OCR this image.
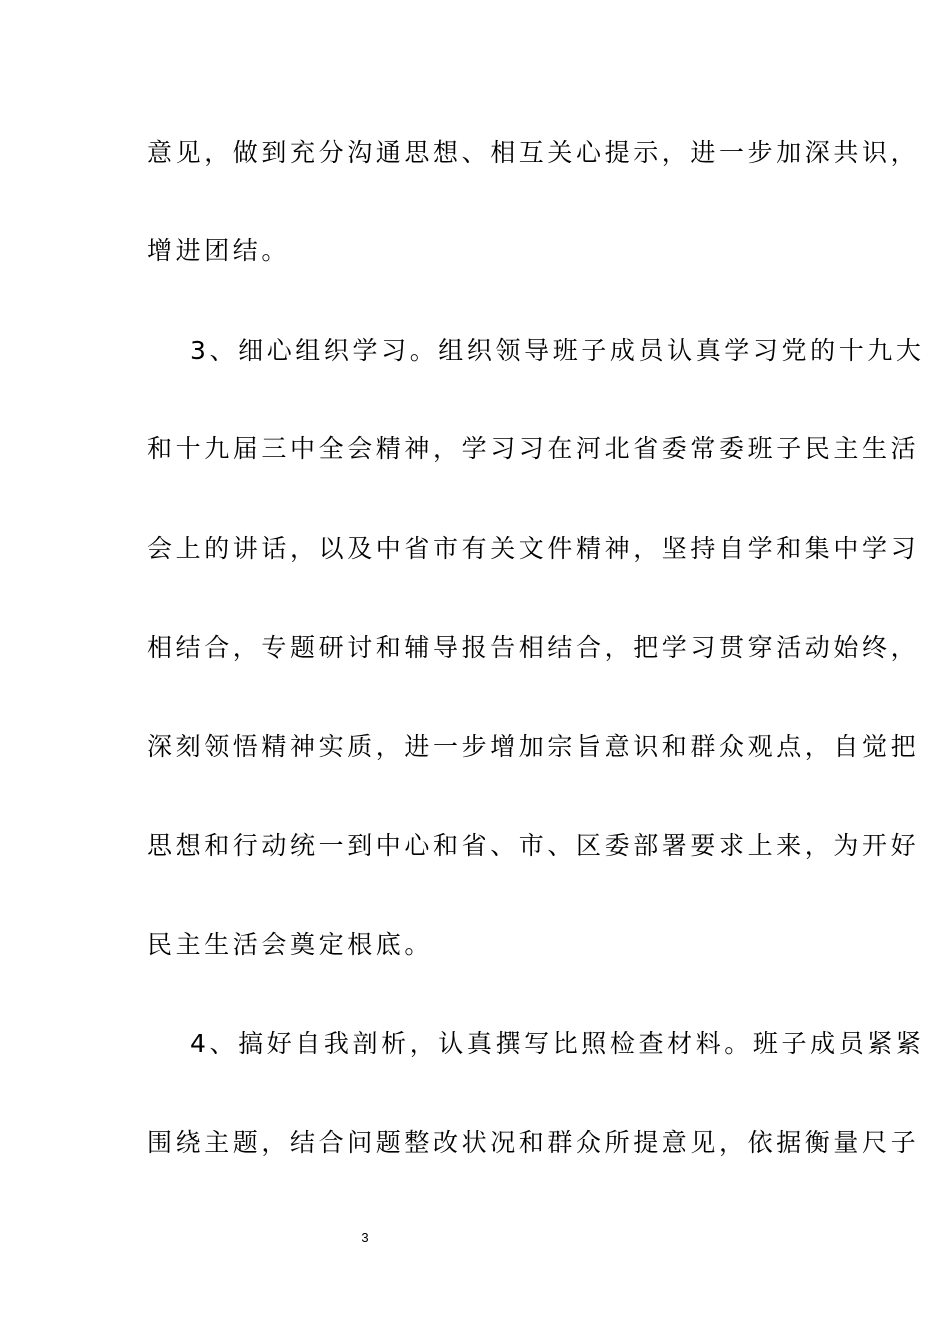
意见，做到充分沟通思想、相互关心提示，进一步加深共识，
增进团结。
3、细心组织学习。组织领导班子成员认真学习党的十九大
和十九届三中全会精神，学习习在河北省委常委班子民主生活
会上的讲话，以及中省市有关文件精神，坚持自学和集中学习
相结合，专题研讨和辅导报告相结合，把学习贯穿活动始终，
深刻领悟精神实质，进一步增加宗旨意识和群众观点，自觉把
思想和行动统一到中心和省、市、区委部署要求上来，为开好
民主生活会奠定根底。
4、搞好自我剖析，认真撰写比照检查材料。班子成员紧紧
围绕主题，结合问题整改状况和群众所提意见，依据衡量尺子
3
